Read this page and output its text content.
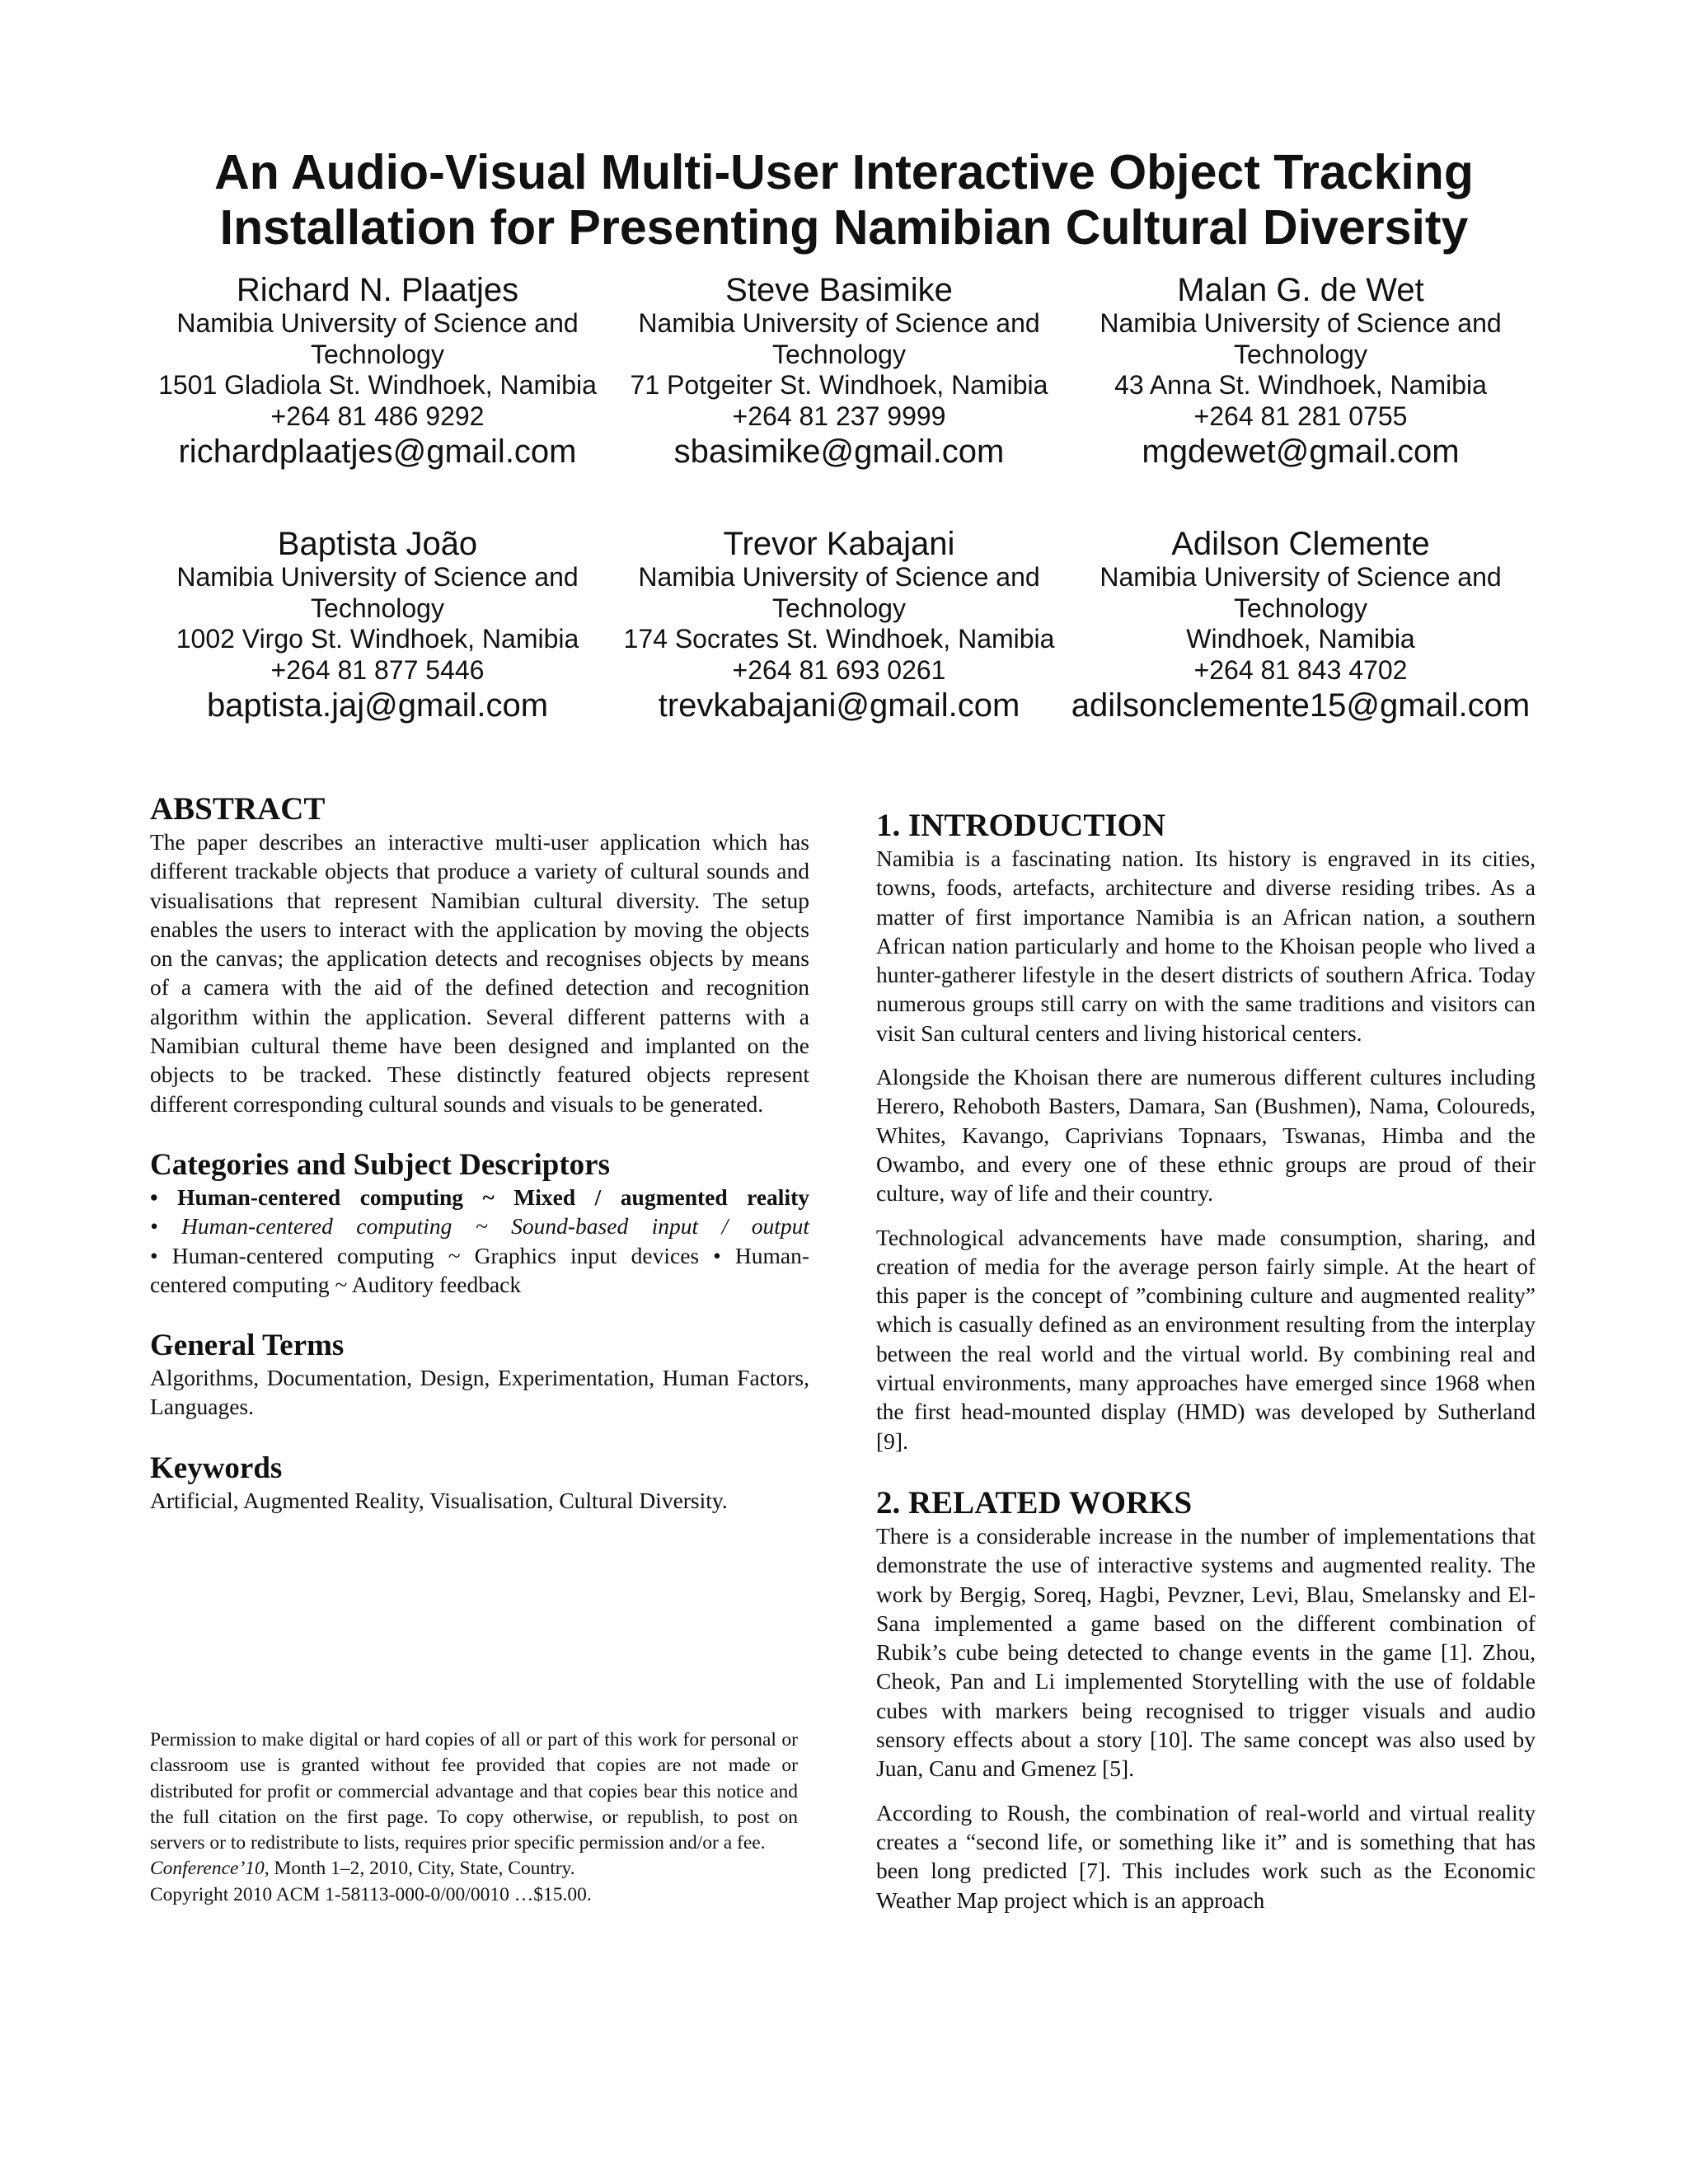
An Audio-Visual Multi-User Interactive Object Tracking
Installation for Presenting Namibian Cultural Diversity
Richard N. Plaatjes
Namibia University of Science and
Technology
1501 Gladiola St. Windhoek, Namibia
+264 81 486 9292
richardplaatjes@gmail.com
Steve Basimike
Namibia University of Science and
Technology
71 Potgeiter St. Windhoek, Namibia
+264 81 237 9999
sbasimike@gmail.com
Malan G. de Wet
Namibia University of Science and
Technology
43 Anna St. Windhoek, Namibia
+264 81 281 0755
mgdewet@gmail.com
Baptista João
Namibia University of Science and
Technology
1002 Virgo St. Windhoek, Namibia
+264 81 877 5446
baptista.jaj@gmail.com
Trevor Kabajani
Namibia University of Science and
Technology
174 Socrates St. Windhoek, Namibia
+264 81 693 0261
trevkabajani@gmail.com
Adilson Clemente
Namibia University of Science and
Technology
Windhoek, Namibia
+264 81 843 4702
adilsonclemente15@gmail.com
ABSTRACT

The paper describes an interactive multi-user application which has different trackable objects that produce a variety of cultural sounds and visualisations that represent Namibian cultural diversity. The setup enables the users to interact with the application by moving the objects on the canvas; the application detects and recognises objects by means of a camera with the aid of the defined detection and recognition algorithm within the application. Several different patterns with a Namibian cultural theme have been designed and implanted on the objects to be tracked. These distinctly featured objects represent different corresponding cultural sounds and visuals to be generated.

Categories and Subject Descriptors
• Human-centered computing ~ Mixed / augmented reality
• Human-centered computing ~ Sound-based input / output
• Human-centered computing ~ Graphics input devices • Human-
centered computing ~ Auditory feedback
General Terms

Algorithms, Documentation, Design, Experimentation, Human Factors, Languages.

Keywords

Artificial, Augmented Reality, Visualisation, Cultural Diversity.

Permission to make digital or hard copies of all or part of this work for personal or classroom use is granted without fee provided that copies are not made or distributed for profit or commercial advantage and that copies bear this notice and the full citation on the first page. To copy otherwise, or republish, to post on servers or to redistribute to lists, requires prior specific permission and/or a fee.

Conference’10, Month 1–2, 2010, City, State, Country.
Copyright 2010 ACM 1-58113-000-0/00/0010 …$15.00.
1. INTRODUCTION

Namibia is a fascinating nation. Its history is engraved in its cities, towns, foods, artefacts, architecture and diverse residing tribes. As a matter of first importance Namibia is an African nation, a southern African nation particularly and home to the Khoisan people who lived a hunter-gatherer lifestyle in the desert districts of southern Africa. Today numerous groups still carry on with the same traditions and visitors can visit San cultural centers and living historical centers.

Alongside the Khoisan there are numerous different cultures including Herero, Rehoboth Basters, Damara, San (Bushmen), Nama, Coloureds, Whites, Kavango, Caprivians Topnaars, Tswanas, Himba and the Owambo, and every one of these ethnic groups are proud of their culture, way of life and their country.

Technological advancements have made consumption, sharing, and creation of media for the average person fairly simple. At the heart of this paper is the concept of ”combining culture and augmented reality” which is casually defined as an environment resulting from the interplay between the real world and the virtual world. By combining real and virtual environments, many approaches have emerged since 1968 when the first head-mounted display (HMD) was developed by Sutherland [9].

2. RELATED WORKS

There is a considerable increase in the number of implementations that demonstrate the use of interactive systems and augmented reality. The work by Bergig, Soreq, Hagbi, Pevzner, Levi, Blau, Smelansky and El-Sana implemented a game based on the different combination of Rubik’s cube being detected to change events in the game [1]. Zhou, Cheok, Pan and Li implemented Storytelling with the use of foldable cubes with markers being recognised to trigger visuals and audio sensory effects about a story [10]. The same concept was also used by Juan, Canu and Gmenez [5].

According to Roush, the combination of real-world and virtual reality creates a “second life, or something like it” and is something that has been long predicted [7]. This includes work such as the Economic Weather Map project which is an approach
